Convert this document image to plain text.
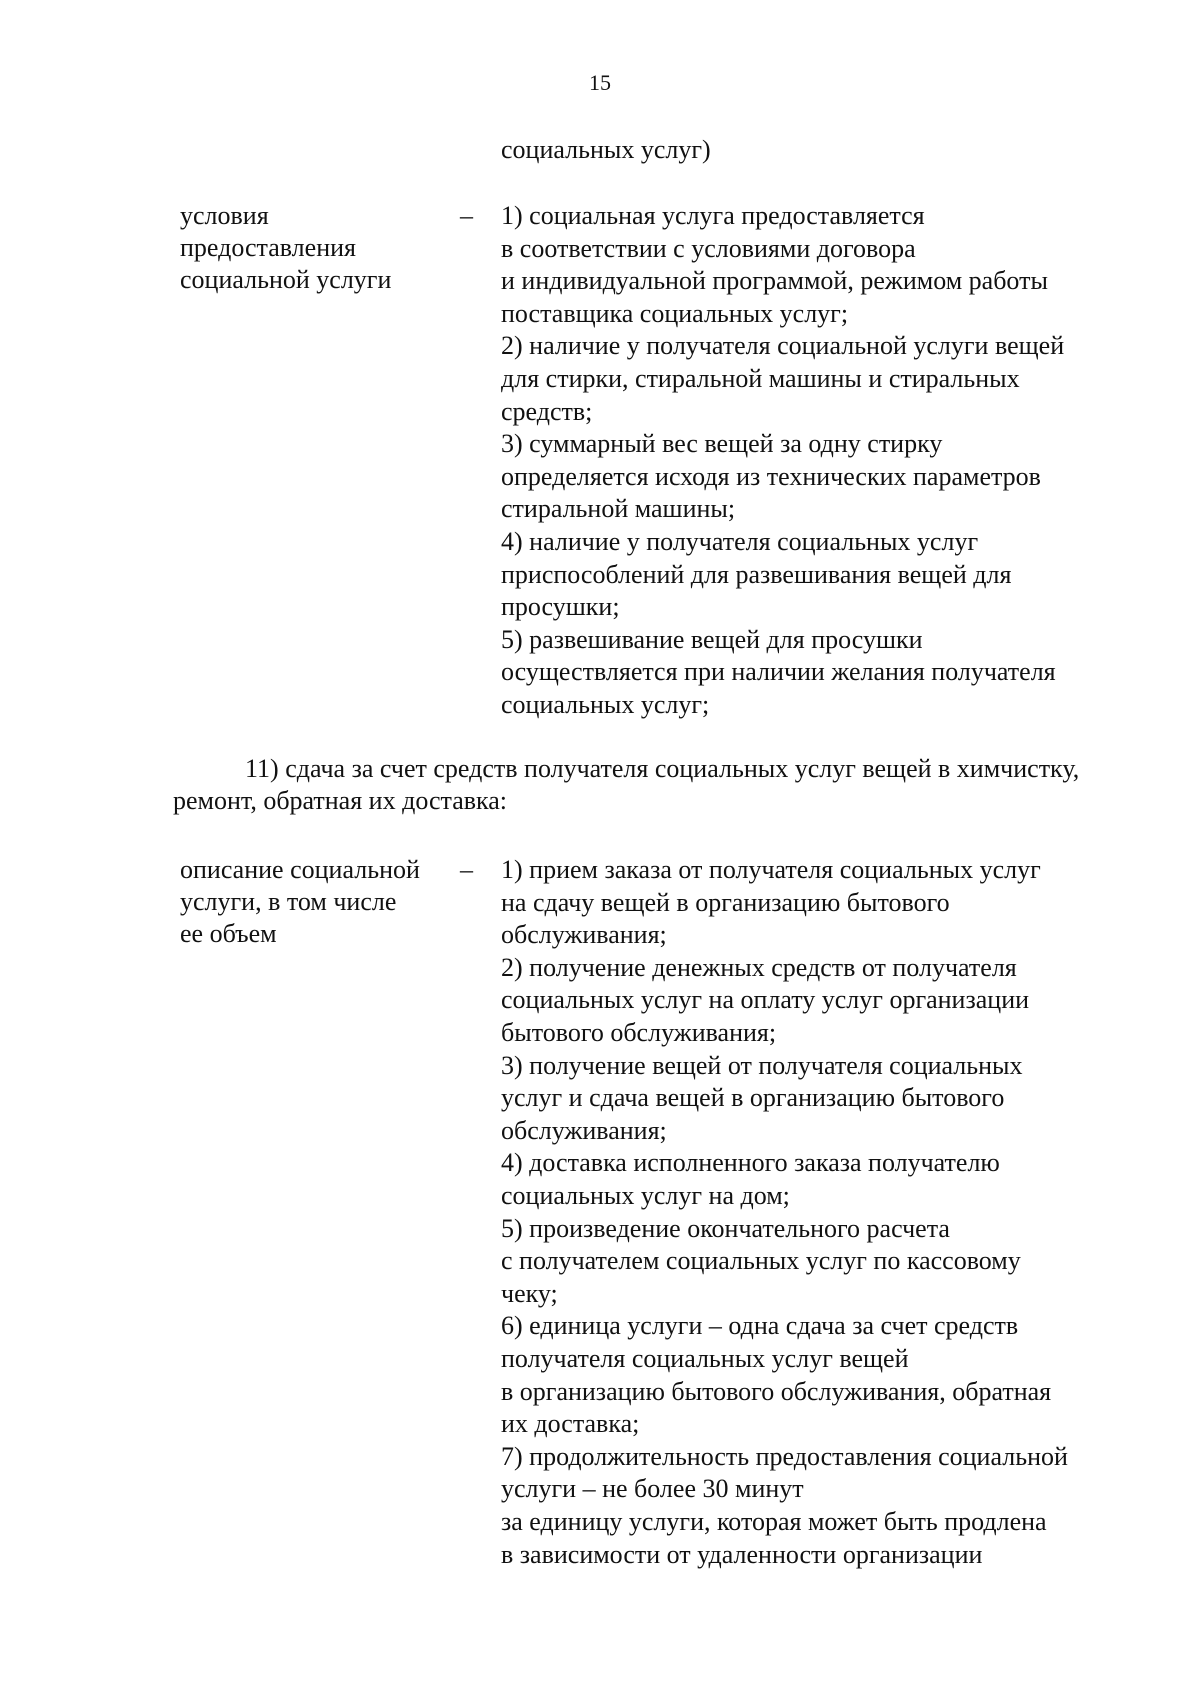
15
социальных услуг)
условия
предоставления
социальной услуги
– 1) социальная услуга предоставляется
в соответствии с условиями договора
и индивидуальной программой, режимом работы
поставщика социальных услуг;
2) наличие у получателя социальной услуги вещей
для стирки, стиральной машины и стиральных
средств;
3) суммарный вес вещей за одну стирку
определяется исходя из технических параметров
стиральной машины;
4) наличие у получателя социальных услуг
приспособлений для развешивания вещей для
просушки;
5) развешивание вещей для просушки
осуществляется при наличии желания получателя
социальных услуг;
11) сдача за счет средств получателя социальных услуг вещей в химчистку,
ремонт, обратная их доставка:
описание социальной
услуги, в том числе
ее объем
– 1) прием заказа от получателя социальных услуг
на сдачу вещей в организацию бытового
обслуживания;
2) получение денежных средств от получателя
социальных услуг на оплату услуг организации
бытового обслуживания;
3) получение вещей от получателя социальных
услуг и сдача вещей в организацию бытового
обслуживания;
4) доставка исполненного заказа получателю
социальных услуг на дом;
5) произведение окончательного расчета
с получателем социальных услуг по кассовому
чеку;
6) единица услуги – одна сдача за счет средств
получателя социальных услуг вещей
в организацию бытового обслуживания, обратная
их доставка;
7) продолжительность предоставления социальной
услуги – не более 30 минут
за единицу услуги, которая может быть продлена
в зависимости от удаленности организации
